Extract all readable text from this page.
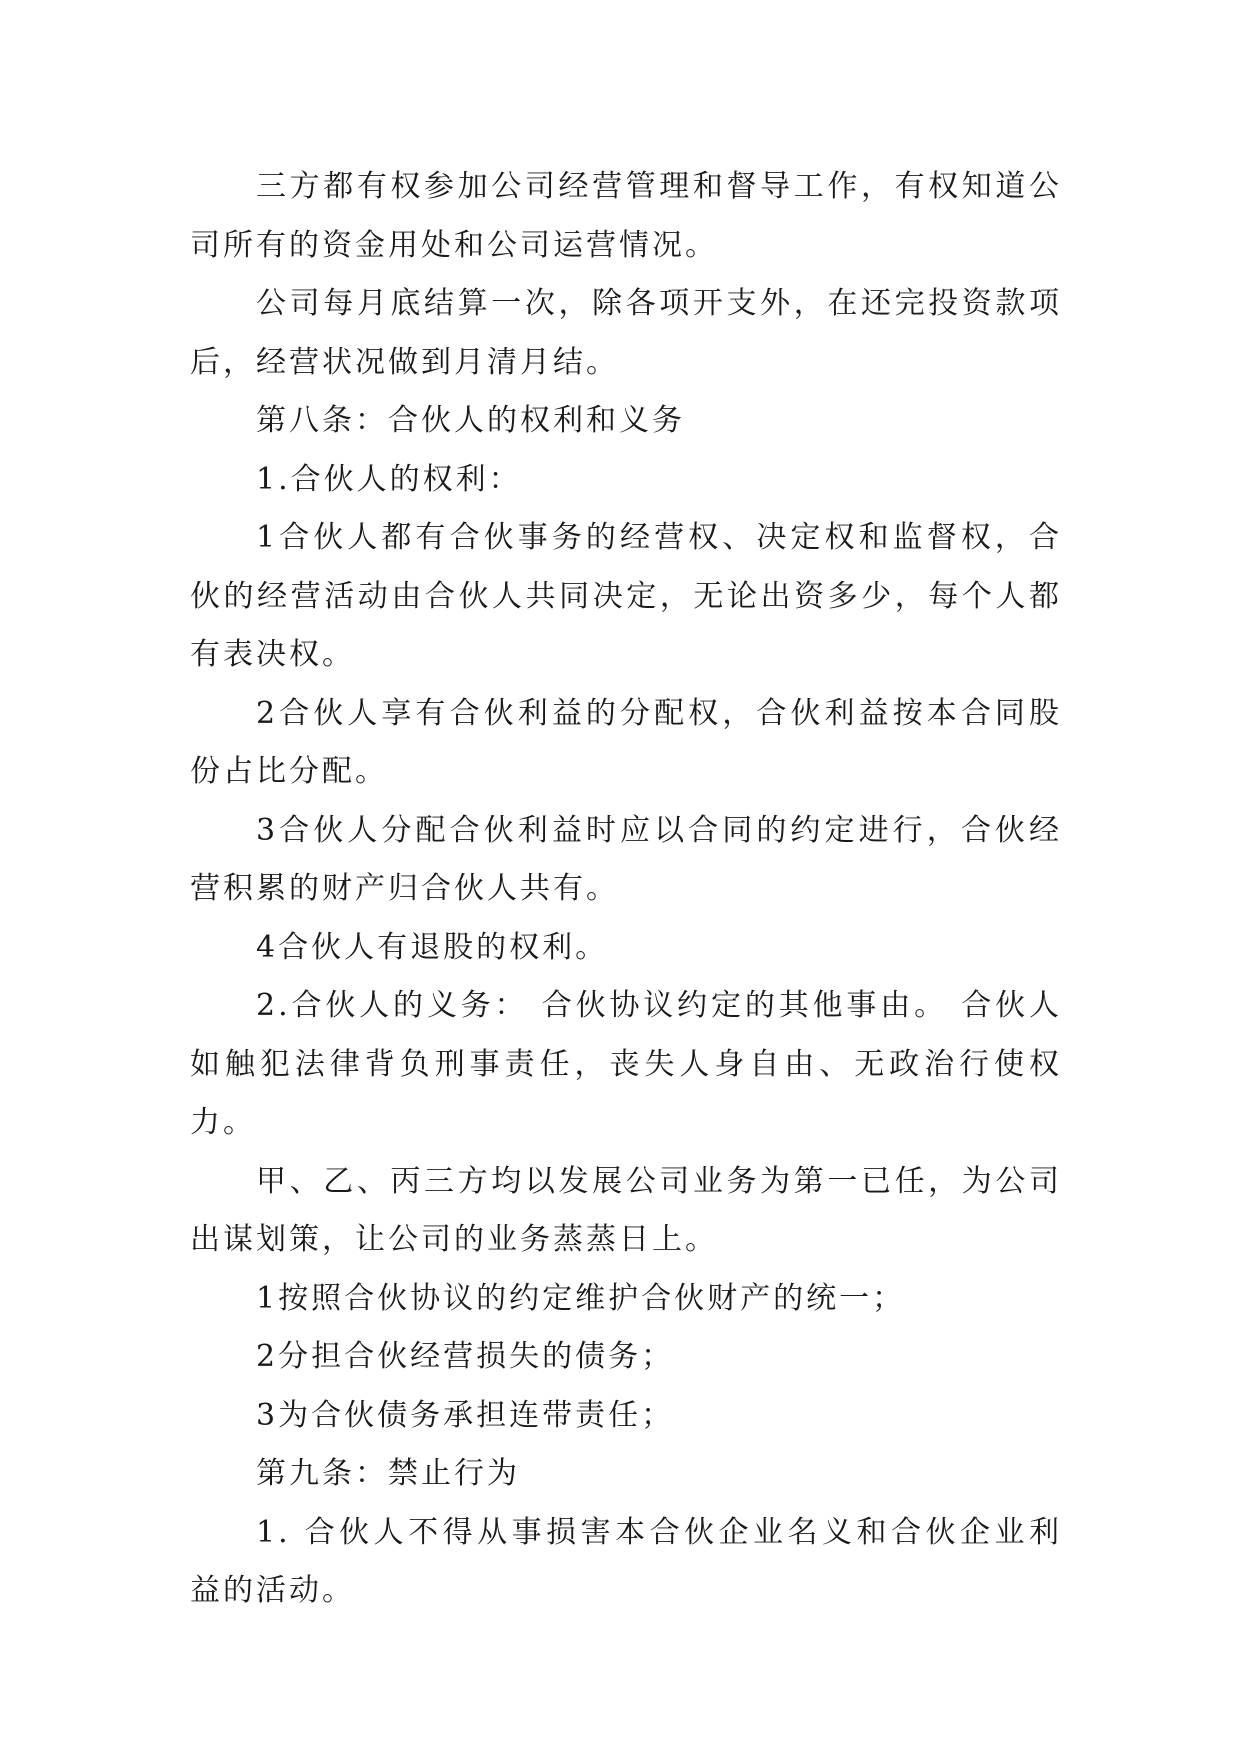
三方都有权参加公司经营管理和督导工作，有权知道公司所有的资金用处和公司运营情况。

公司每月底结算一次，除各项开支外，在还完投资款项后，经营状况做到月清月结。

第八条：合伙人的权利和义务

1.合伙人的权利：

1合伙人都有合伙事务的经营权、决定权和监督权，合伙的经营活动由合伙人共同决定，无论出资多少，每个人都有表决权。

2合伙人享有合伙利益的分配权，合伙利益按本合同股份占比分配。

3合伙人分配合伙利益时应以合同的约定进行，合伙经营积累的财产归合伙人共有。

4合伙人有退股的权利。

2.合伙人的义务： 合伙协议约定的其他事由。 合伙人如触犯法律背负刑事责任，丧失人身自由、无政治行使权力。

甲、乙、丙三方均以发展公司业务为第一已任，为公司出谋划策，让公司的业务蒸蒸日上。

1按照合伙协议的约定维护合伙财产的统一；

2分担合伙经营损失的债务；

3为合伙债务承担连带责任；

第九条：禁止行为

1. 合伙人不得从事损害本合伙企业名义和合伙企业利益的活动。
